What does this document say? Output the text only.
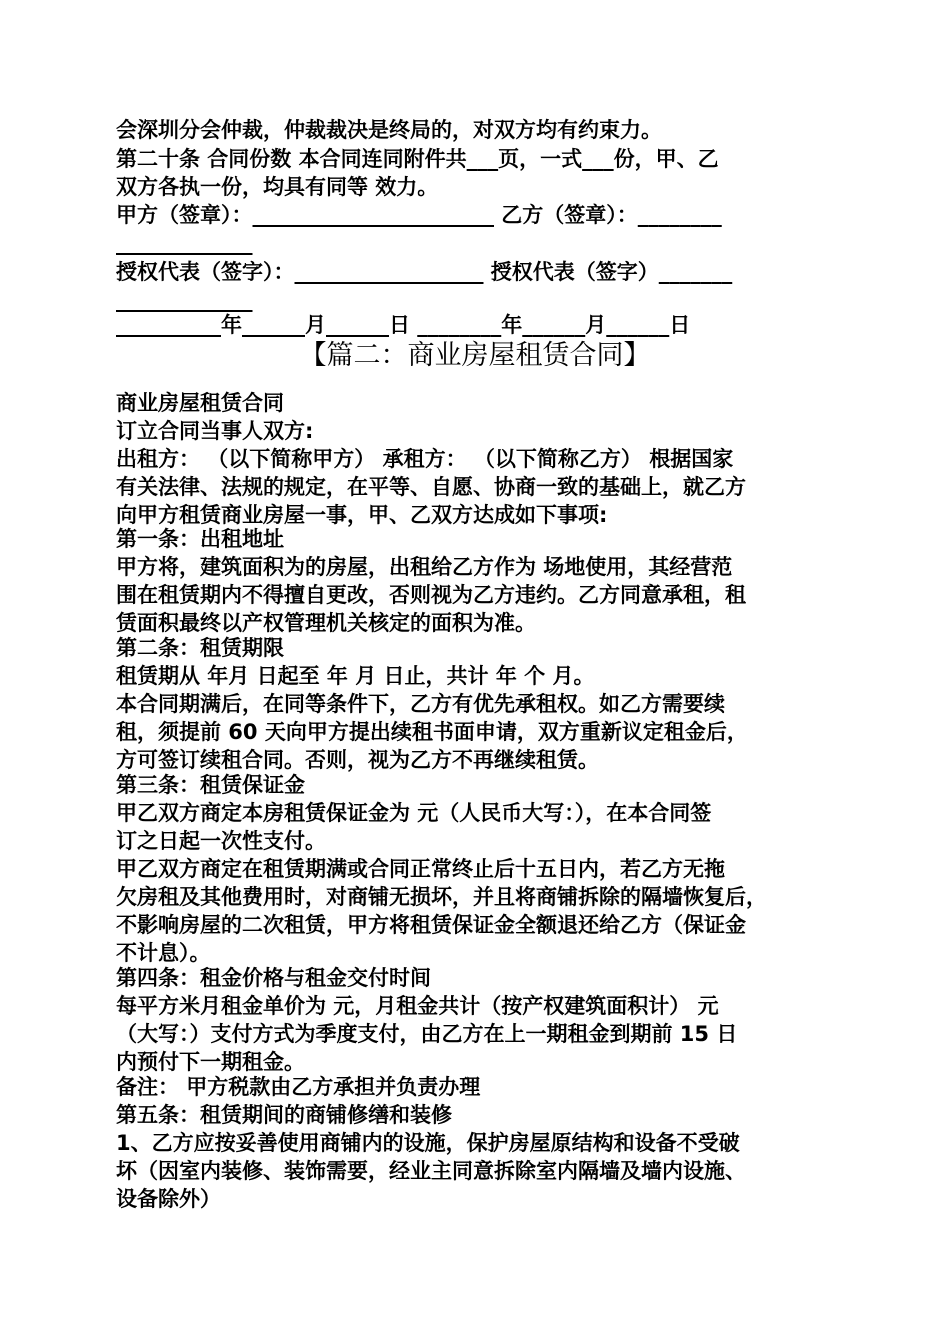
会深圳分会仲裁，仲裁裁决是终局的，对双方均有约束力。
第二十条 合同份数 本合同连同附件共___页，一式___份，甲、乙
双方各执一份，均具有同等 效力。
甲方（签章）：_______________________ 乙方（签章）：________
_____________
授权代表（签字）：__________________ 授权代表（签字）_______
_____________
__________年______月______日 ________年______月______日
【篇二：商业房屋租赁合同】
商业房屋租赁合同
订立合同当事人双方:
出租方： （以下简称甲方） 承租方： （以下简称乙方） 根据国家
有关法律、法规的规定，在平等、自愿、协商一致的基础上，就乙方
向甲方租赁商业房屋一事，甲、乙双方达成如下事项:
第一条：出租地址
甲方将，建筑面积为的房屋，出租给乙方作为 场地使用，其经营范
围在租赁期内不得擅自更改，否则视为乙方违约。乙方同意承租，租
赁面积最终以产权管理机关核定的面积为准。
第二条：租赁期限
租赁期从 年月 日起至 年 月 日止，共计 年 个 月。
本合同期满后，在同等条件下，乙方有优先承租权。如乙方需要续
租，须提前 60 天向甲方提出续租书面申请，双方重新议定租金后，
方可签订续租合同。否则，视为乙方不再继续租赁。
第三条：租赁保证金
甲乙双方商定本房租赁保证金为 元（人民币大写：），在本合同签
订之日起一次性支付。
甲乙双方商定在租赁期满或合同正常终止后十五日内，若乙方无拖
欠房租及其他费用时，对商铺无损坏，并且将商铺拆除的隔墙恢复后，
不影响房屋的二次租赁，甲方将租赁保证金全额退还给乙方（保证金
不计息）。
第四条：租金价格与租金交付时间
每平方米月租金单价为 元，月租金共计（按产权建筑面积计） 元
（大写：）支付方式为季度支付，由乙方在上一期租金到期前 15 日
内预付下一期租金。
备注： 甲方税款由乙方承担并负责办理
第五条：租赁期间的商铺修缮和装修
1、乙方应按妥善使用商铺内的设施，保护房屋原结构和设备不受破
坏（因室内装修、装饰需要，经业主同意拆除室内隔墙及墙内设施、
设备除外）
